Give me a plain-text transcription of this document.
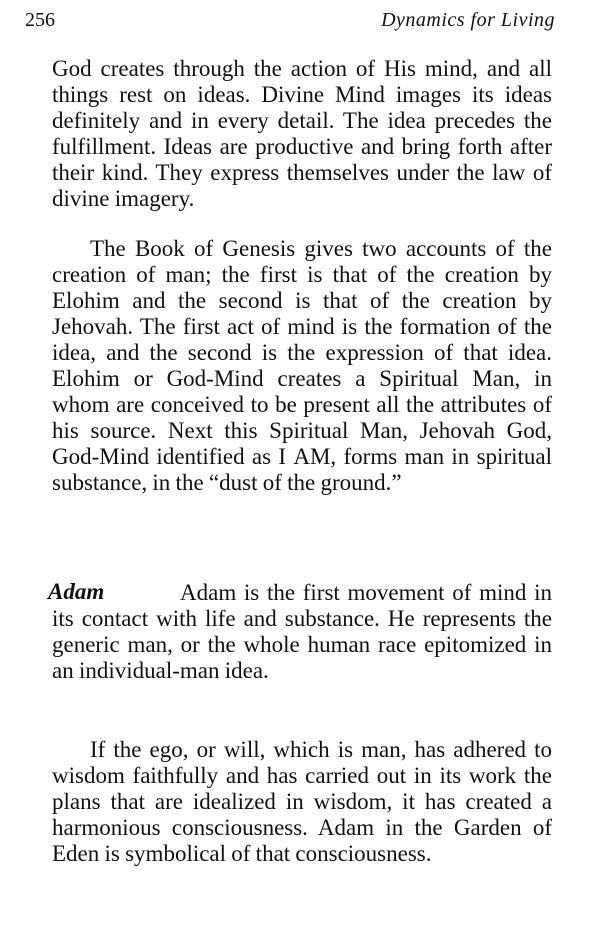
256	Dynamics for Living

God creates through the action of His mind, and all things rest on ideas. Divine Mind images its ideas definitely and in every detail. The idea precedes the fulfillment. Ideas are productive and bring forth after their kind. They express themselves under the law of divine imagery.

The Book of Genesis gives two accounts of the creation of man; the first is that of the creation by Elohim and the second is that of the creation by Jehovah. The first act of mind is the formation of the idea, and the second is the expression of that idea. Elohim or God-Mind creates a Spiritual Man, in whom are conceived to be present all the attributes of his source. Next this Spiritual Man, Jehovah God, God-Mind identified as I AM, forms man in spiritual substance, in the “dust of the ground.”

Adam	Adam is the first movement of mind in its contact with life and substance. He represents the generic man, or the whole human race epitomized in an individual-man idea.

If the ego, or will, which is man, has adhered to wisdom faithfully and has carried out in its work the plans that are idealized in wisdom, it has created a harmonious consciousness. Adam in the Garden of Eden is symbolical of that consciousness.
